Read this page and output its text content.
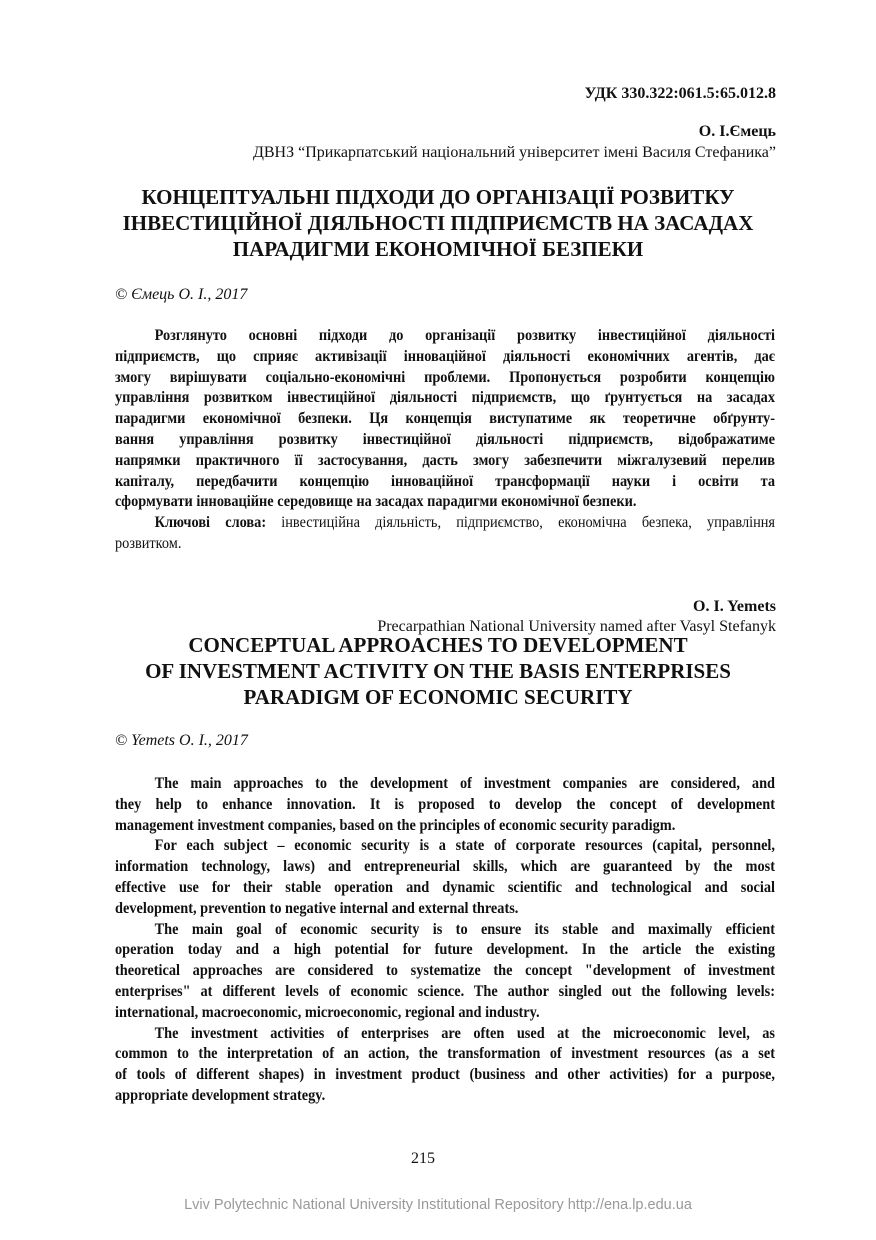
УДК 330.322:061.5:65.012.8
О. І.Ємець
ДВНЗ “Прикарпатський національний університет імені Василя Стефаника”
КОНЦЕПТУАЛЬНІ ПІДХОДИ ДО ОРГАНІЗАЦІЇ РОЗВИТКУ
ІНВЕСТИЦІЙНОЇ ДІЯЛЬНОСТІ ПІДПРИЄМСТВ НА ЗАСАДАХ
ПАРАДИГМИ ЕКОНОМІЧНОЇ БЕЗПЕКИ
© Ємець О. І., 2017
Розглянуто основні підходи до організації розвитку інвестиційної діяльності
підприємств, що сприяє активізації інноваційної діяльності економічних агентів, дає
змогу вирішувати соціально-економічні проблеми. Пропонується розробити концепцію
управління розвитком інвестиційної діяльності підприємств, що ґрунтується на засадах
парадигми економічної безпеки. Ця концепція виступатиме як теоретичне обґрунту-
вання управління розвитку інвестиційної діяльності підприємств, відображатиме
напрямки практичного її застосування, дасть змогу забезпечити міжгалузевий перелив
капіталу, передбачити концепцію інноваційної трансформації науки і освіти та
сформувати інноваційне середовище на засадах парадигми економічної безпеки.
Ключові слова: інвестиційна діяльність, підприємство, економічна безпека, управління
розвитком.
O. I. Yemets
Precarpathian National University named after Vasyl Stefanyk
CONCEPTUAL APPROACHES TO DEVELOPMENT
OF INVESTMENT ACTIVITY ON THE BASIS ENTERPRISES
PARADIGM OF ECONOMIC SECURITY
© Yemets O. I., 2017
The main approaches to the development of investment companies are considered, and
they help to enhance innovation. It is proposed to develop the concept of development
management investment companies, based on the principles of economic security paradigm.
For each subject – economic security is a state of corporate resources (capital, personnel,
information technology, laws) and entrepreneurial skills, which are guaranteed by the most
effective use for their stable operation and dynamic scientific and technological and social
development, prevention to negative internal and external threats.
The main goal of economic security is to ensure its stable and maximally efficient
operation today and a high potential for future development. In the article the existing
theoretical approaches are considered to systematize the concept "development of investment
enterprises" at different levels of economic science. The author singled out the following levels:
international, macroeconomic, microeconomic, regional and industry.
The investment activities of enterprises are often used at the microeconomic level, as
common to the interpretation of an action, the transformation of investment resources (as a set
of tools of different shapes) in investment product (business and other activities) for a purpose,
appropriate development strategy.
215
Lviv Polytechnic National University Institutional Repository http://ena.lp.edu.ua
